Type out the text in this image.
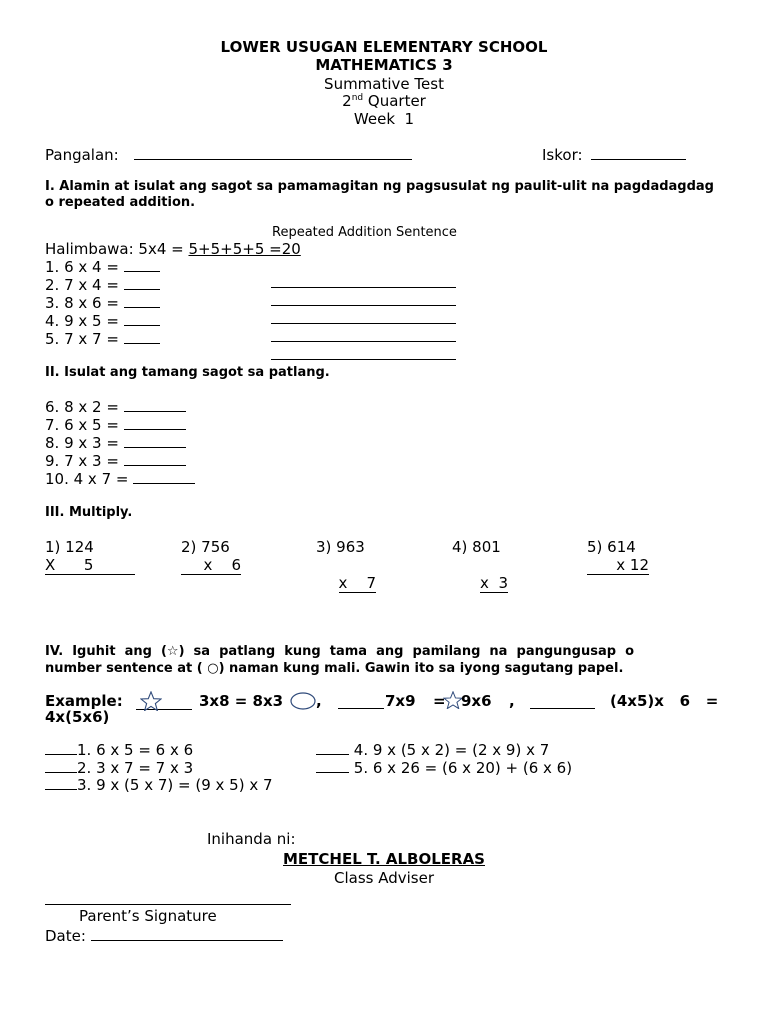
LOWER USUGAN ELEMENTARY SCHOOL
MATHEMATICS 3
Summative Test
2nd Quarter
Week  1
Pangalan:	Iskor:
I. Alamin at isulat ang sagot sa pamamagitan ng pagsusulat ng paulit-ulit na pagdadagdag o repeated addition.
Repeated Addition Sentence
Halimbawa: 5x4 = 5+5+5+5 =20
1. 6 x 4 =
2. 7 x 4 =
3. 8 x 6 =
4. 9 x 5 =
5. 7 x 7 =
II. Isulat ang tamang sagot sa patlang.
6. 8 x 2 =
7. 6 x 5 =
8. 9 x 3 =
9. 7 x 3 =
10. 4 x 7 =
III. Multiply.
1) 124
X      5
2) 756
x    6
3) 963

x    7

4) 801

x  3

5) 614
x 12
IV.  Iguhit  ang  (☆)  sa  patlang  kung  tama  ang  pamilang  na  pangungusap  o
number sentence at ( ○) naman kung mali. Gawin ito sa iyong sagutang papel.
Example:	3x8 = 8x3 ,	7x9 = 9x6 ,	(4x5)x   6   =
4x(5x6)
1. 6 x 5 = 6 x 6
2. 3 x 7 = 7 x 3
3. 9 x (5 x 7) = (9 x 5) x 7
4. 9 x (5 x 2) = (2 x 9) x 7
5. 6 x 26 = (6 x 20) + (6 x 6)
Inihanda ni:
METCHEL T. ALBOLERAS
Class Adviser
Parent’s Signature
Date:
